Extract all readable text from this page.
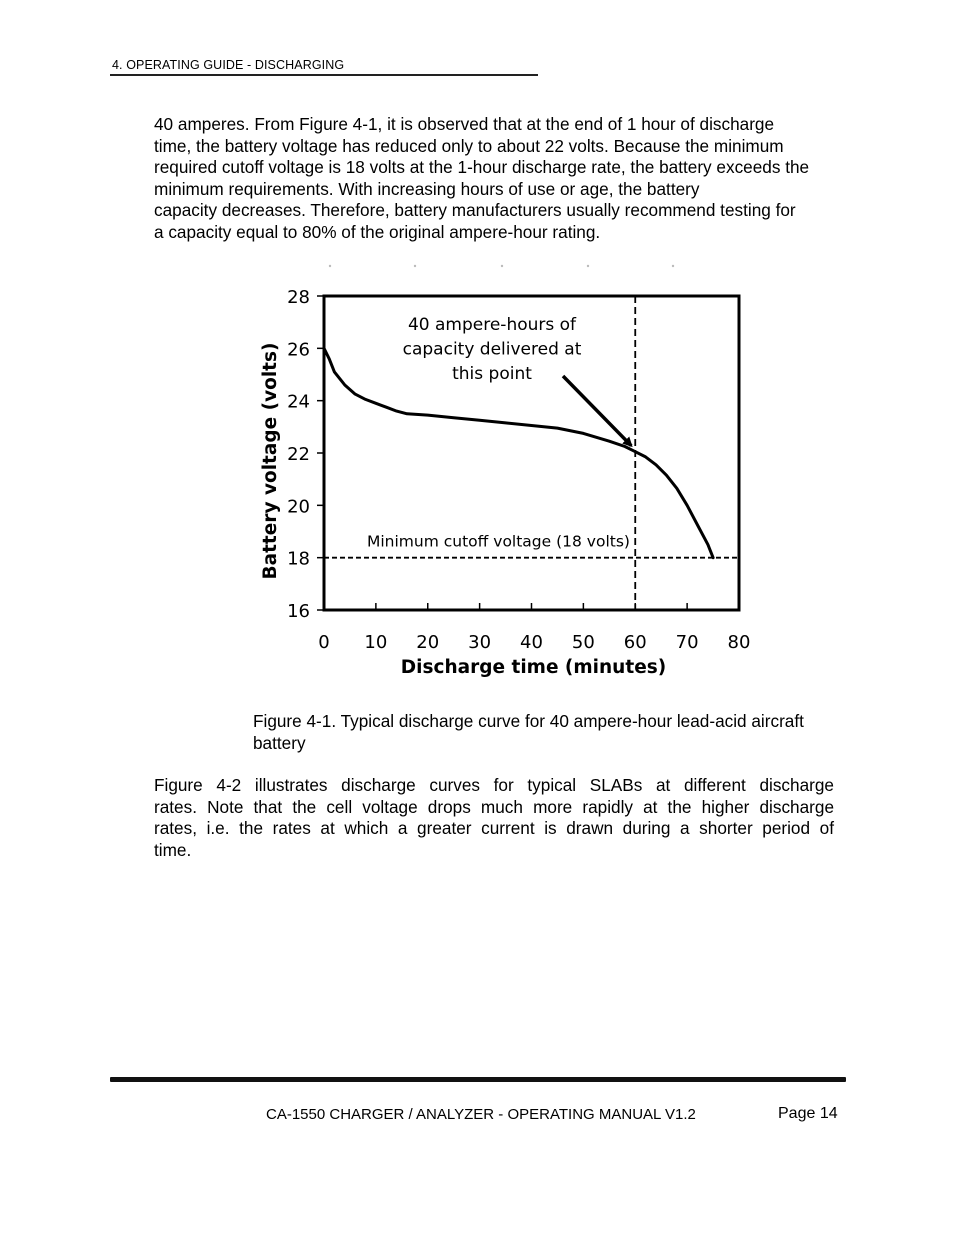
4. OPERATING GUIDE - DISCHARGING
40 amperes. From Figure 4-1, it is observed that at the end of 1 hour of discharge
time, the battery voltage has reduced only to about 22 volts. Because the minimum
required cutoff voltage is 18 volts at the 1-hour discharge rate, the battery exceeds the
minimum requirements. With increasing hours of use or age, the battery
capacity decreases. Therefore, battery manufacturers usually recommend testing for
a capacity equal to 80% of the original ampere-hour rating.
0 10 20 30 40 50 60 70 80
16
18
20
22
24
26
28
Discharge time (minutes)
Battery voltage (volts)	Minimum cutoff voltage (18 volts)
40 ampere-hours of
capacity delivered at
this point
Figure 4-1. Typical discharge curve for 40 ampere-hour lead-acid aircraft
battery
Figure 4-2 illustrates discharge curves for typical SLABs at different discharge
rates. Note that the cell voltage drops much more rapidly at the higher discharge
rates, i.e. the rates at which a greater current is drawn during a shorter period of
time.
CA-1550 CHARGER / ANALYZER - OPERATING MANUAL V1.2	Page 14
